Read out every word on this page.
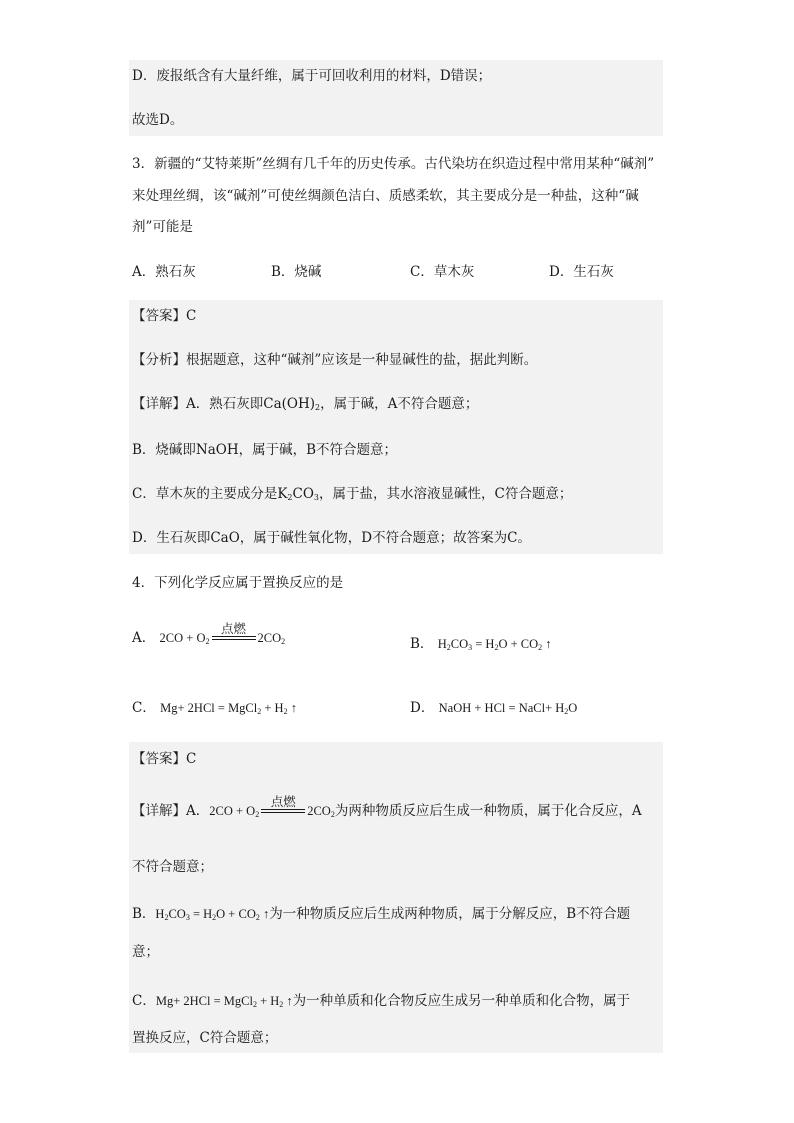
D．废报纸含有大量纤维，属于可回收利用的材料，D错误；
故选D。
3．新疆的“艾特莱斯”丝绸有几千年的历史传承。古代染坊在织造过程中常用某种“碱剂”
来处理丝绸，该“碱剂”可使丝绸颜色洁白、质感柔软，其主要成分是一种盐，这种“碱
剂”可能是
A．熟石灰	B．烧碱	C．草木灰	D．生石灰
【答案】C
【分析】根据题意，这种“碱剂”应该是一种显碱性的盐，据此判断。
【详解】A．熟石灰即$Ca(OH)_2$，属于碱，A不符合题意；
B．烧碱即NaOH，属于碱，B不符合题意；
C．草木灰的主要成分是$K_2CO_3$，属于盐，其水溶液显碱性，C符合题意；
D．生石灰即CaO，属于碱性氧化物，D不符合题意；故答案为C。
4．下列化学反应属于置换反应的是
A． $2CO + O_2$
点燃
$2CO_2$	B． $H_2CO_3 = H_2O + CO_2$ ↑
C． Mg+ 2HCl = MgCl$_2$ + $H_2$ ↑	D． NaOH + HCl = NaCl+ $H_2O$
【答案】C
【详解】A．$2CO + O_2$
点燃
$2CO_2$为两种物质反应后生成一种物质，属于化合反应，A
不符合题意；
B．$H_2CO_3 = H_2O + CO_2$ ↑为一种物质反应后生成两种物质，属于分解反应，B不符合题
意；
C．Mg+ 2HCl = MgCl$_2$ + $H_2$ ↑为一种单质和化合物反应生成另一种单质和化合物，属于
置换反应，C符合题意；
